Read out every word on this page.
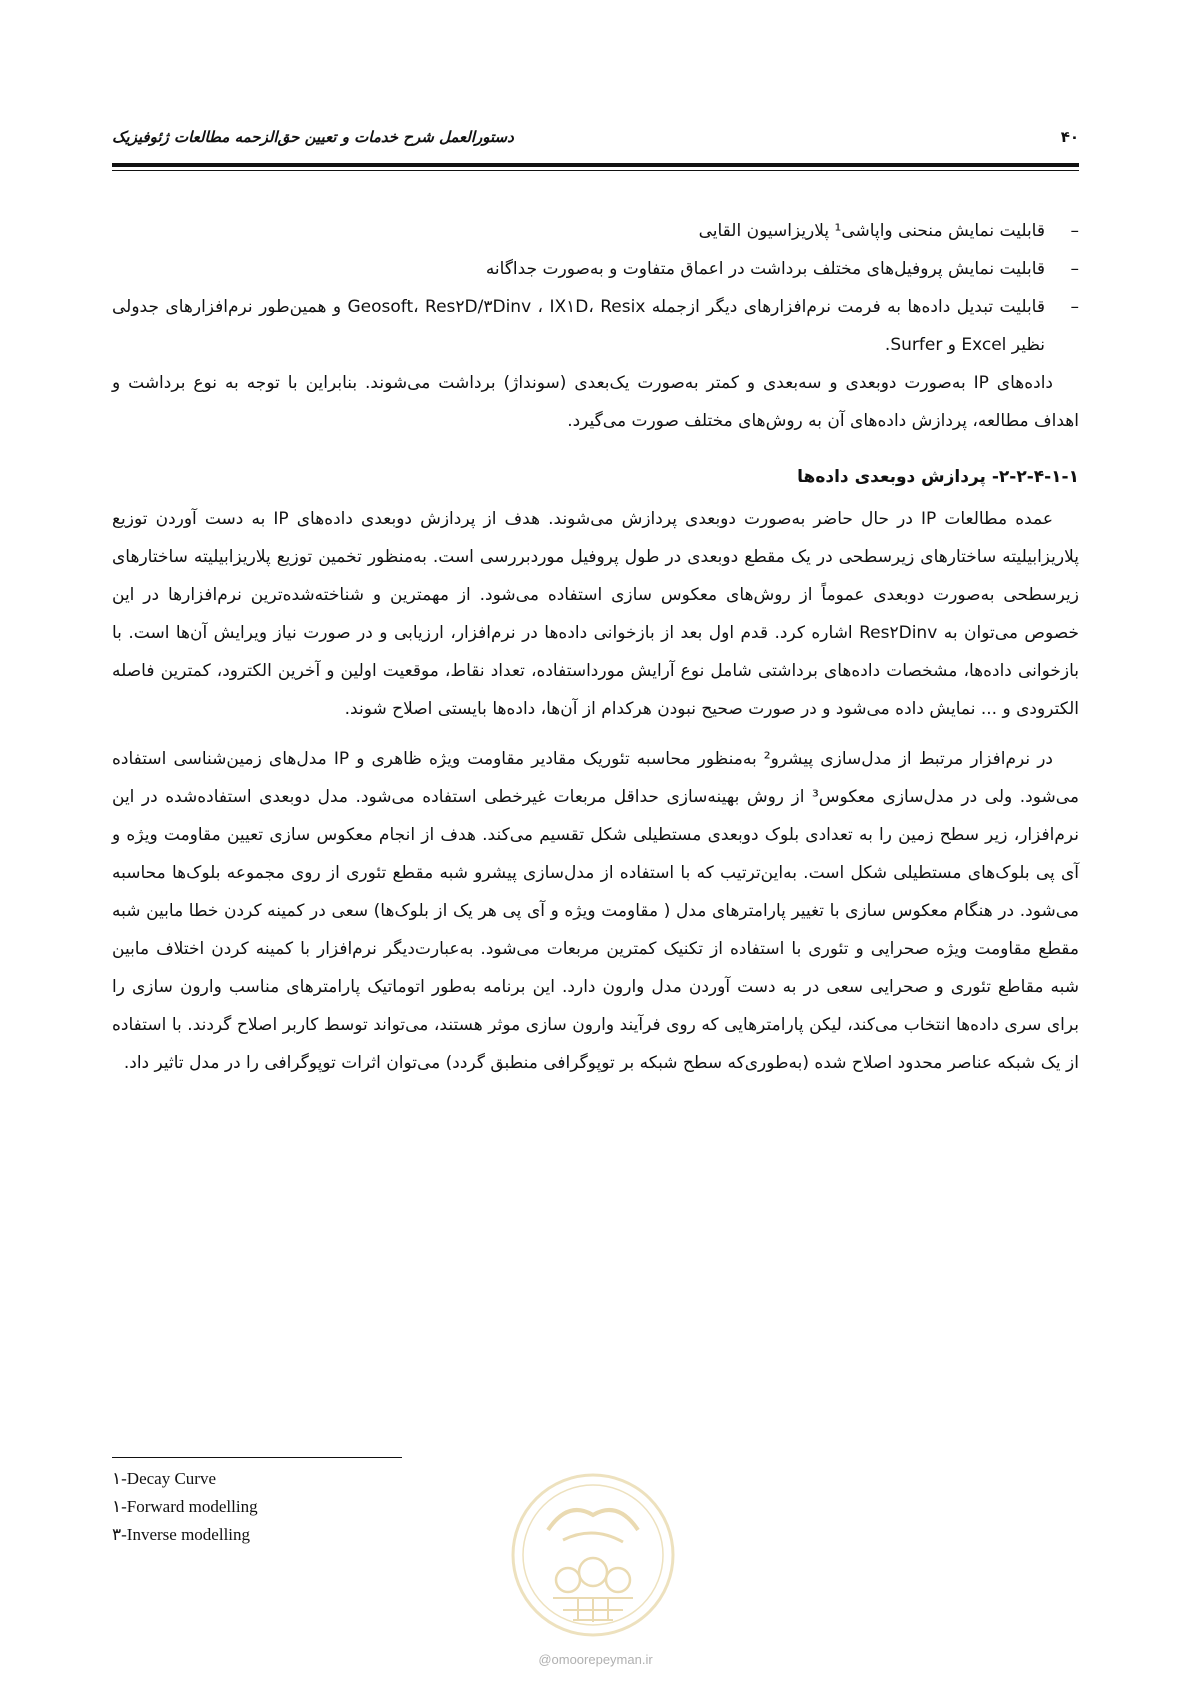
۴۰
دستورالعمل شرح خدمات و تعیین حق‌الزحمه مطالعات ژئوفیزیک
–
قابلیت نمایش منحنی واپاشی¹ پلاریزاسیون القایی
–
قابلیت نمایش پروفیل‌های مختلف برداشت در اعماق متفاوت و به‌صورت جداگانه
–
قابلیت تبدیل داده‌ها به فرمت نرم‌افزارهای دیگر ازجمله Geosoft، Res۲D/۳Dinv ، IX۱D، Resix و همین‌طور نرم‌افزارهای جدولی نظیر Excel و Surfer.

داده‌های IP به‌صورت دوبعدی و سه‌بعدی و کمتر به‌صورت یک‌بعدی (سونداژ) برداشت می‌شوند. بنابراین با توجه به نوع برداشت و اهداف مطالعه، پردازش داده‌های آن به روش‌های مختلف صورت می‌گیرد.

۲-۲-۴-۱-۱- پردازش دوبعدی داده‌ها

عمده مطالعات IP در حال حاضر به‌صورت دوبعدی پردازش می‌شوند. هدف از پردازش دوبعدی داده‌های IP به دست آوردن توزیع پلاریزابیلیته ساختارهای زیرسطحی در یک مقطع دوبعدی در طول پروفیل موردبررسی است. به‌منظور تخمین توزیع پلاریزابیلیته ساختارهای زیرسطحی به‌صورت دوبعدی عموماً از روش‌های معکوس سازی استفاده می‌شود. از مهمترین و شناخته‌شده‌ترین نرم‌افزارها در این خصوص می‌توان به Res۲Dinv اشاره کرد. قدم اول بعد از بازخوانی داده‌ها در نرم‌افزار، ارزیابی و در صورت نیاز ویرایش آن‌ها است. با بازخوانی داده‌ها، مشخصات داده‌های برداشتی شامل نوع آرایش مورداستفاده، تعداد نقاط، موقعیت اولین و آخرین الکترود، کمترین فاصله الکترودی و ... نمایش داده می‌شود و در صورت صحیح نبودن هرکدام از آن‌ها، داده‌ها بایستی اصلاح شوند.

در نرم‌افزار مرتبط از مدل‌سازی پیشرو² به‌منظور محاسبه تئوریک مقادیر مقاومت ویژه ظاهری و IP مدل‌های زمین‌شناسی استفاده می‌شود. ولی در مدل‌سازی معکوس³ از روش بهینه‌سازی حداقل مربعات غیرخطی استفاده می‌شود. مدل دوبعدی استفاده‌شده در این نرم‌افزار، زیر سطح زمین را به تعدادی بلوک دوبعدی مستطیلی شکل تقسیم می‌کند. هدف از انجام معکوس سازی تعیین مقاومت ویژه و آی پی بلوک‌های مستطیلی شکل است. به‌این‌ترتیب که با استفاده از مدل‌سازی پیشرو شبه مقطع تئوری از روی مجموعه بلوک‌ها محاسبه می‌شود. در هنگام معکوس سازی با تغییر پارامترهای مدل ( مقاومت ویژه و آی پی هر یک از بلوک‌ها) سعی در کمینه کردن خطا مابین شبه مقطع مقاومت ویژه صحرایی و تئوری با استفاده از تکنیک کمترین مربعات می‌شود. به‌عبارت‌دیگر نرم‌افزار با کمینه کردن اختلاف مابین شبه مقاطع تئوری و صحرایی سعی در به دست آوردن مدل وارون دارد. این برنامه به‌طور اتوماتیک پارامترهای مناسب وارون سازی را برای سری داده‌ها انتخاب می‌کند، لیکن پارامترهایی که روی فرآیند وارون سازی موثر هستند، می‌تواند توسط کاربر اصلاح گردند. با استفاده از یک شبکه عناصر محدود اصلاح شده (به‌طوری‌که سطح شبکه بر توپوگرافی منطبق گردد) می‌توان اثرات توپوگرافی را در مدل تاثیر داد.

۱-Decay Curve
۱-Forward modelling
۳-Inverse modelling
@omoorepeyman.ir
